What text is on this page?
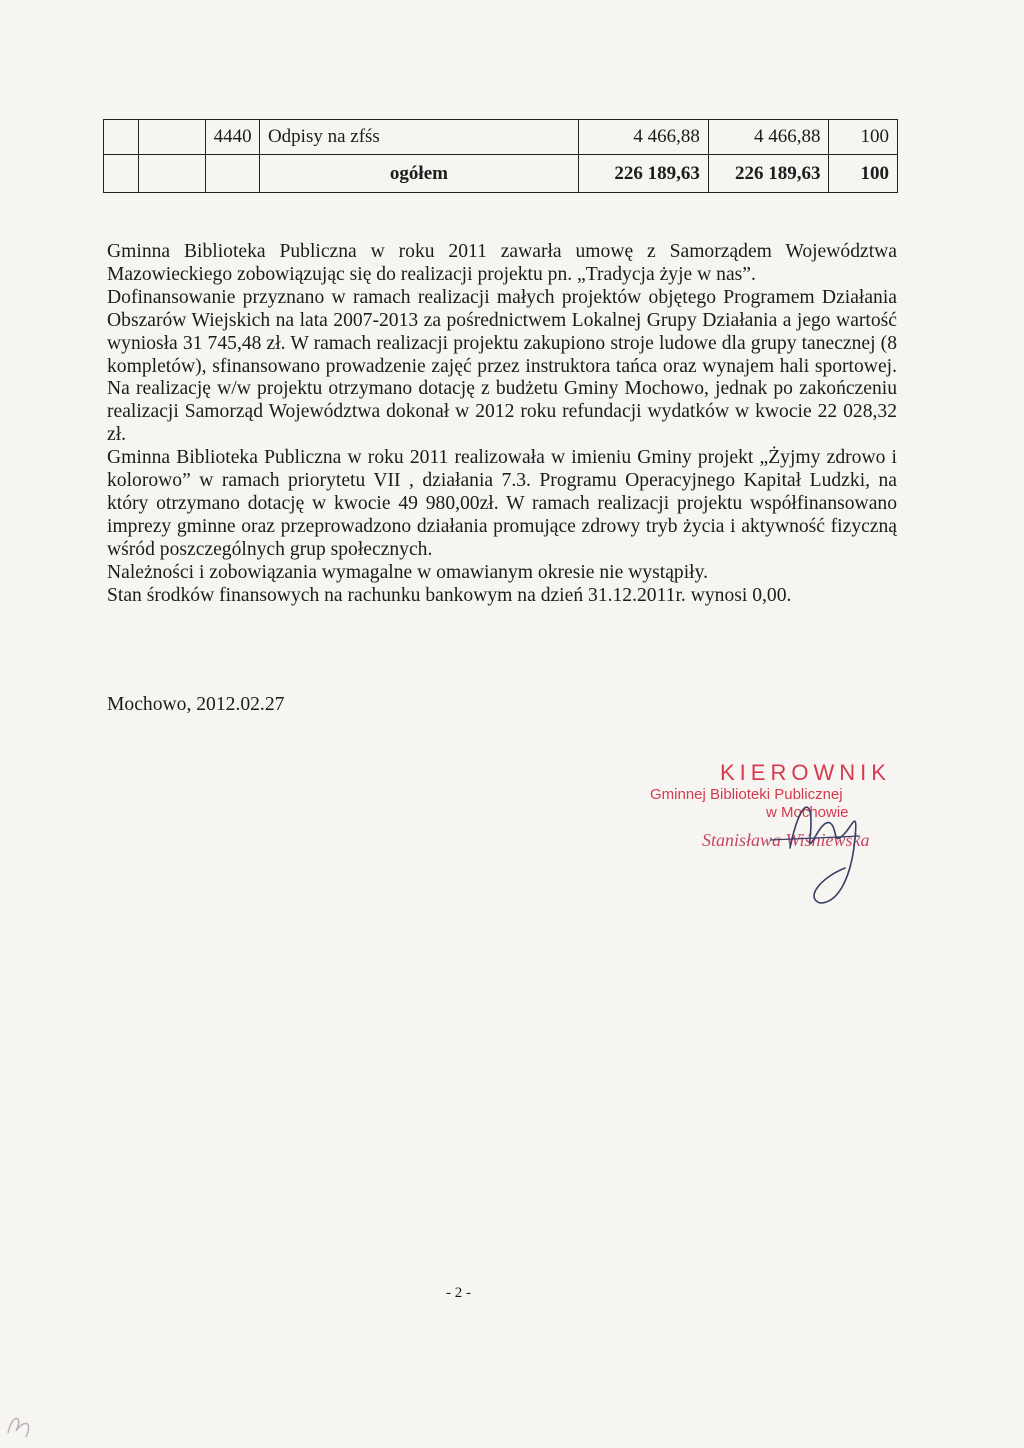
		4440	Odpisy na zfśs	4 466,88	4 466,88	100
			ogółem	226 189,63	226 189,63	100

Gminna Biblioteka Publiczna w roku 2011 zawarła umowę z Samorządem Województwa Mazowieckiego zobowiązując się do realizacji projektu pn. „Tradycja żyje w nas”.

Dofinansowanie przyznano w ramach realizacji małych projektów objętego Programem Działania Obszarów Wiejskich na lata 2007-2013 za pośrednictwem Lokalnej Grupy Działania a jego wartość wyniosła 31 745,48 zł. W ramach realizacji projektu zakupiono stroje ludowe dla grupy tanecznej (8 kompletów), sfinansowano prowadzenie zajęć przez instruktora tańca oraz wynajem hali sportowej. Na realizację w/w projektu otrzymano dotację z budżetu Gminy Mochowo, jednak po zakończeniu realizacji Samorząd Województwa dokonał w 2012 roku refundacji wydatków w kwocie 22 028,32 zł.

Gminna Biblioteka Publiczna w roku 2011 realizowała w imieniu Gminy projekt „Żyjmy zdrowo i kolorowo” w ramach priorytetu VII , działania 7.3. Programu Operacyjnego Kapitał Ludzki, na który otrzymano dotację w kwocie 49 980,00zł. W ramach realizacji projektu współfinansowano imprezy gminne oraz przeprowadzono działania promujące zdrowy tryb życia i aktywność fizyczną wśród poszczególnych grup społecznych.

Należności i zobowiązania wymagalne w omawianym okresie nie wystąpiły.

Stan środków finansowych na rachunku bankowym na dzień 31.12.2011r. wynosi 0,00.

Mochowo, 2012.02.27

KIEROWNIK
Gminnej Biblioteki Publicznej
w Mochowie
Stanisława Wiśniewska

- 2 -
